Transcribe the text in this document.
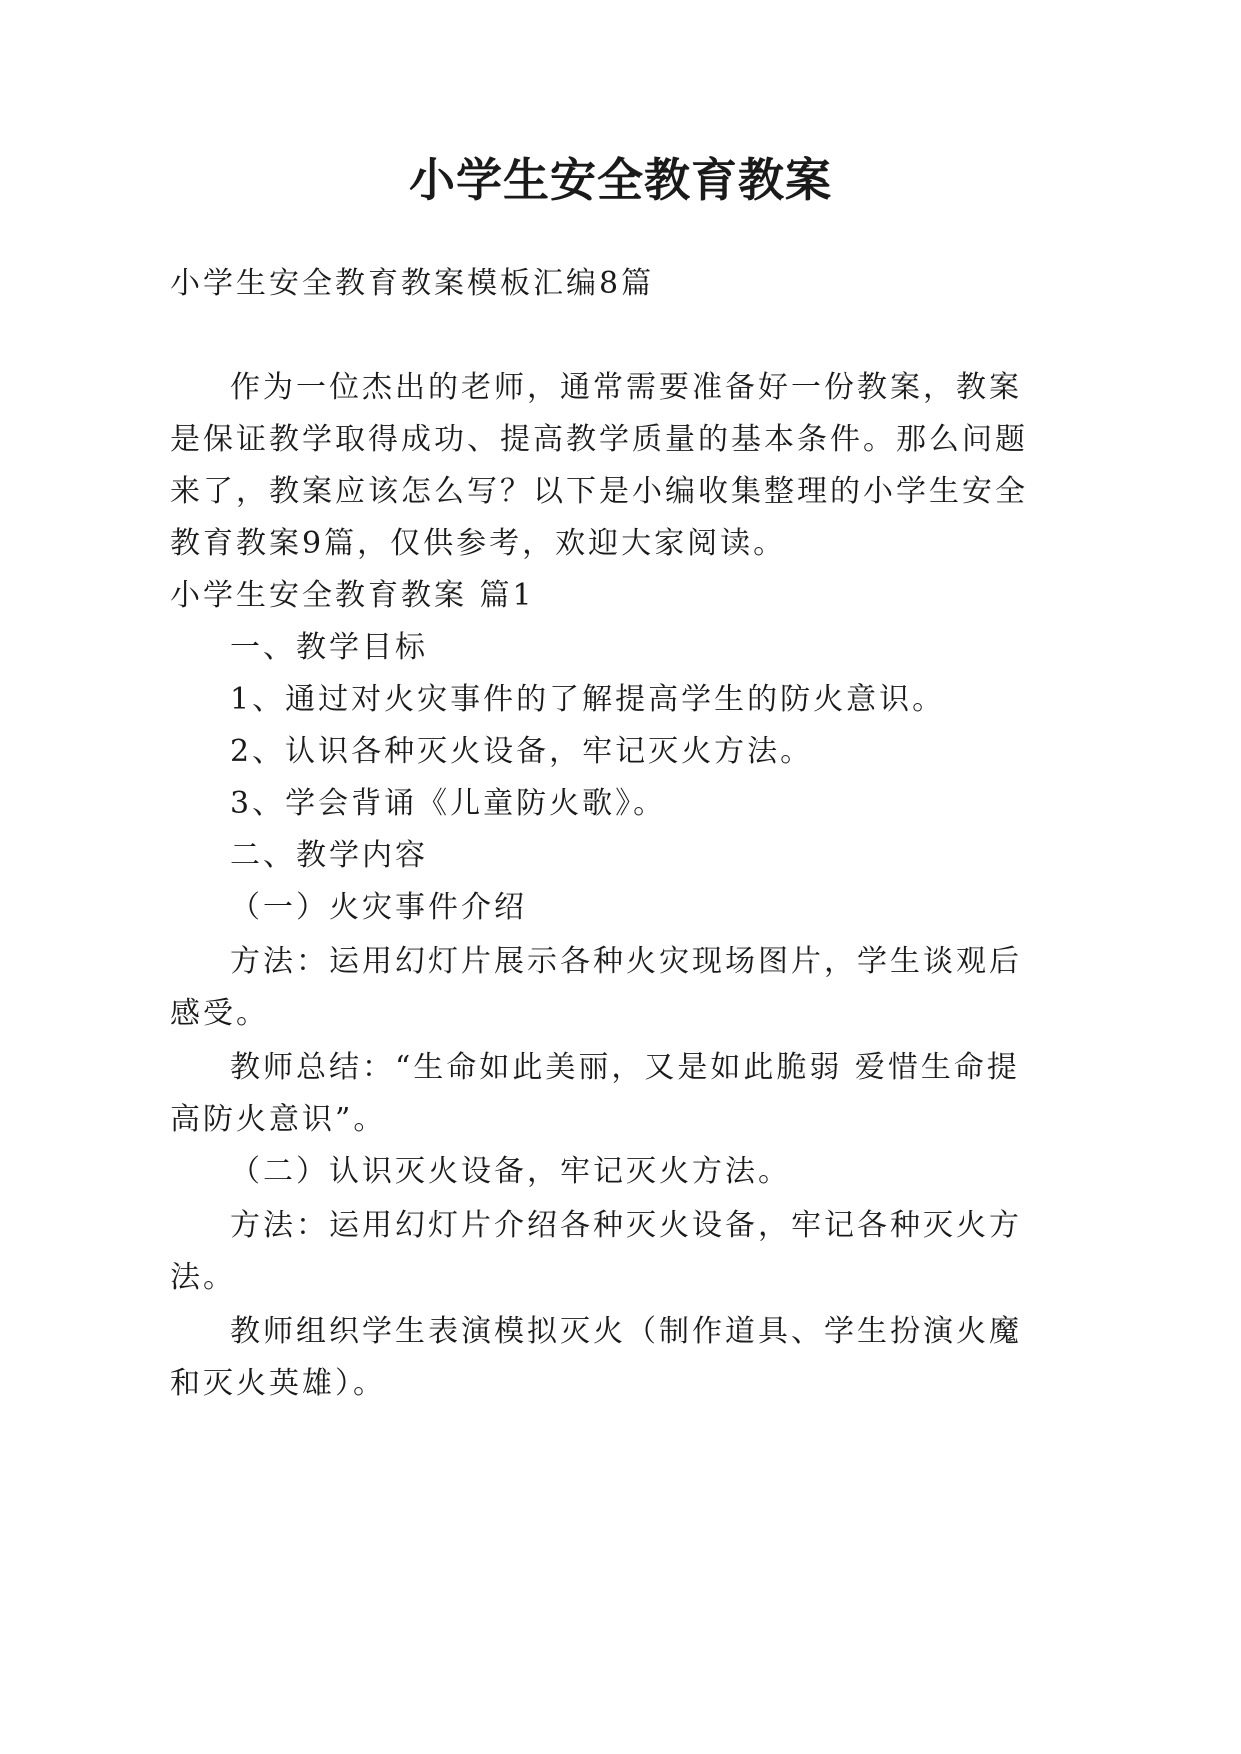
小学生安全教育教案

小学生安全教育教案模板汇编8篇

作为一位杰出的老师，通常需要准备好一份教案，教案

是保证教学取得成功、提高教学质量的基本条件。那么问题

来了，教案应该怎么写？以下是小编收集整理的小学生安全

教育教案9篇，仅供参考，欢迎大家阅读。

小学生安全教育教案 篇1

一、教学目标

1、通过对火灾事件的了解提高学生的防火意识。

2、认识各种灭火设备，牢记灭火方法。

3、学会背诵《儿童防火歌》。

二、教学内容

（一）火灾事件介绍

方法：运用幻灯片展示各种火灾现场图片，学生谈观后

感受。

教师总结：“生命如此美丽，又是如此脆弱 爱惜生命提

高防火意识”。

（二）认识灭火设备，牢记灭火方法。

方法：运用幻灯片介绍各种灭火设备，牢记各种灭火方

法。

教师组织学生表演模拟灭火（制作道具、学生扮演火魔

和灭火英雄）。
